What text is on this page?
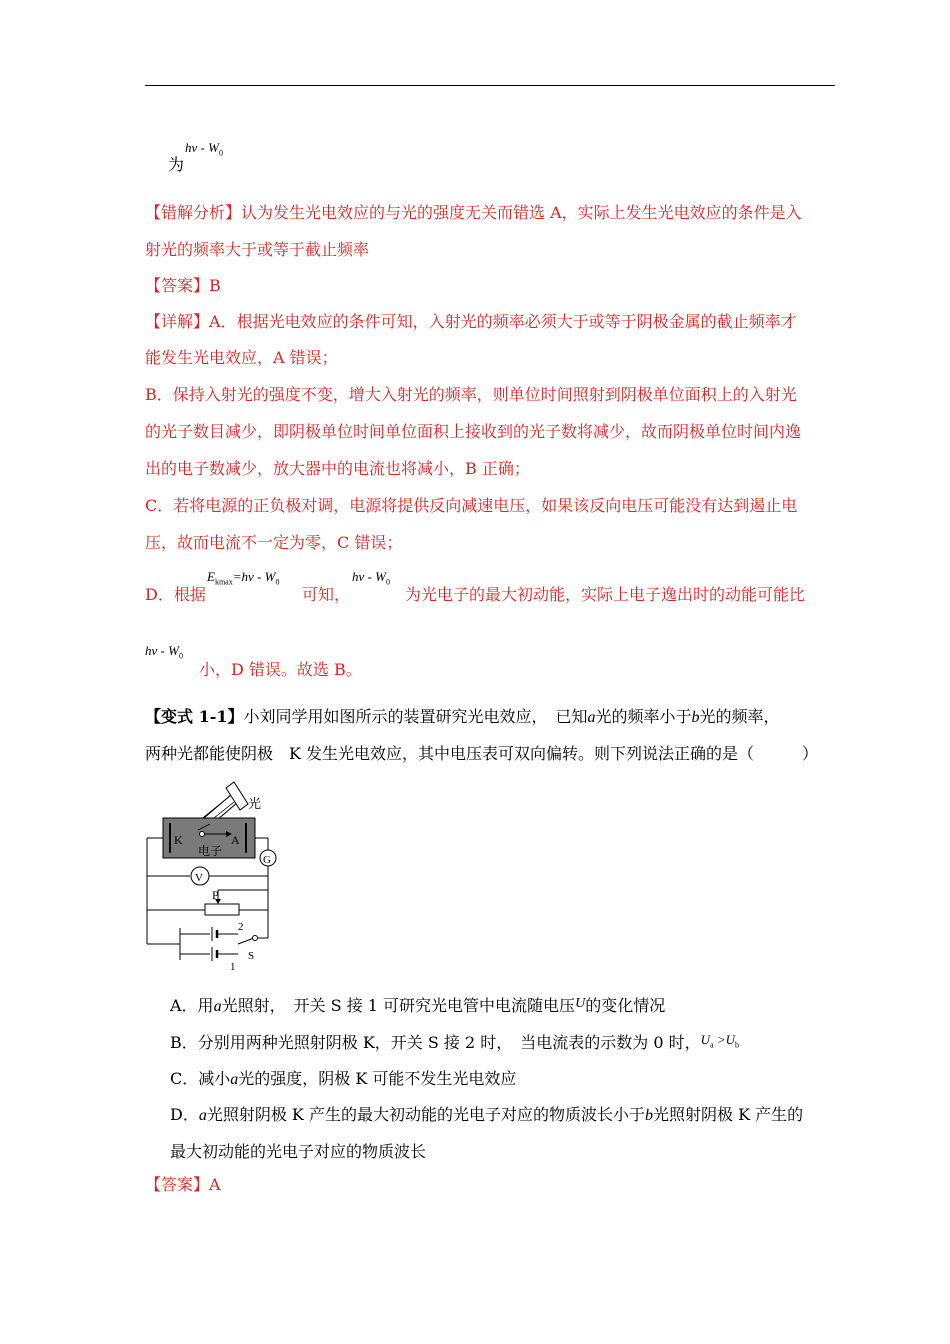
hν - $W_0$
为
【错解分析】认为发生光电效应的与光的强度无关而错选 A，实际上发生光电效应的条件是入
射光的频率大于或等于截止频率
【答案】B
【详解】A．根据光电效应的条件可知，入射光的频率必须大于或等于阴极金属的截止频率才
能发生光电效应，A 错误；
B．保持入射光的强度不变，增大入射光的频率，则单位时间照射到阴极单位面积上的入射光
的光子数目减少，即阴极单位时间单位面积上接收到的光子数将减少，故而阴极单位时间内逸
出的电子数减少，放大器中的电流也将减小，B 正确；
C．若将电源的正负极对调，电源将提供反向减速电压，如果该反向电压可能没有达到遏止电
压，故而电流不一定为零，C 错误；
D．根据
$E_{kmax}=h\nu - W_0$
可知，
hν - $W_0$
为光电子的最大初动能，实际上电子逸出时的动能可能比
hν - $W_0$
小，D 错误。故选 B。
【变式 1-1】小刘同学用如图所示的装置研究光电效应，　已知a光的频率小于b光的频率，
两种光都能使阴极　K 发生光电效应，其中电压表可双向偏转。则下列说法正确的是（　　　）
光
K	A
电子
G
V
P
2
1
S
A．用a光照射，　开关 S 接 1 可研究光电管中电流随电压U的变化情况
B．分别用两种光照射阴极 K，开关 S 接 2 时，　当电流表的示数为 0 时，$^{U_a >U_b}$
C．减小a光的强度，阴极 K 可能不发生光电效应
D．a光照射阴极 K 产生的最大初动能的光电子对应的物质波长小于b光照射阴极 K 产生的
最大初动能的光电子对应的物质波长
【答案】A
